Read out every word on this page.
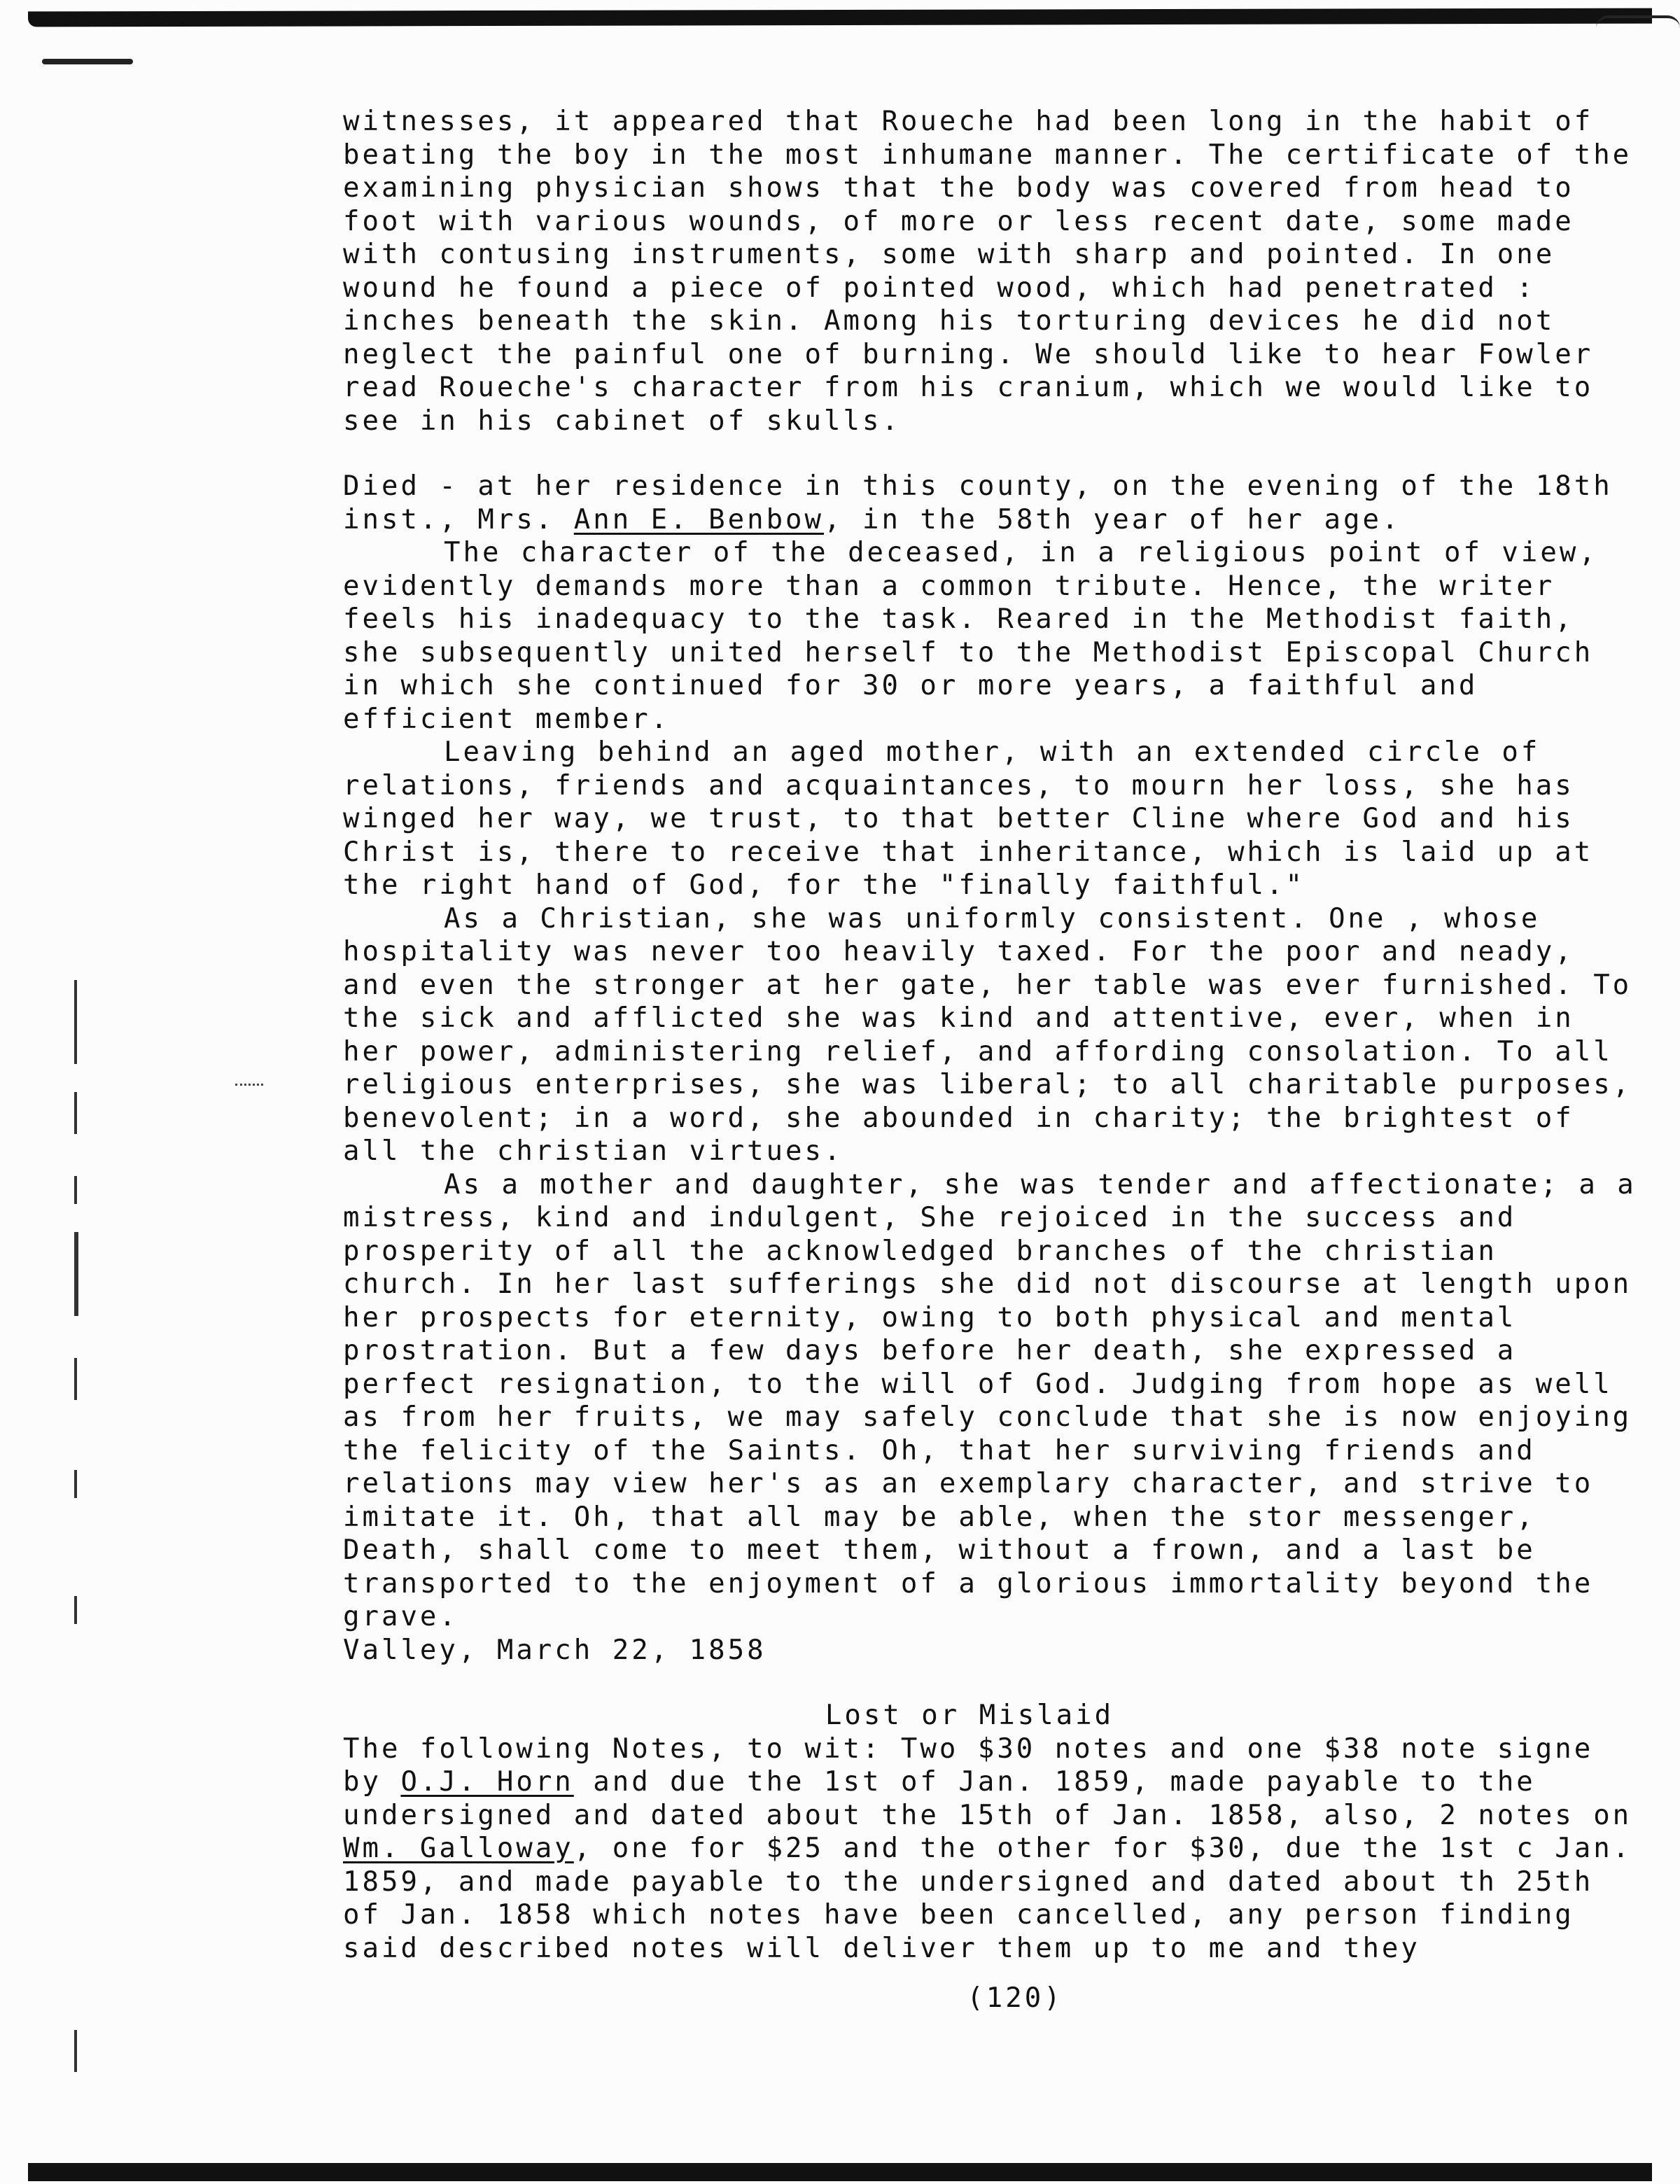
witnesses, it appeared that Roueche had been long in the habit of beating the boy in the most inhumane manner. The certificate of the examining physician shows that the body was covered from head to foot with various wounds, of more or less recent date, some made with contusing instruments, some with sharp and pointed. In one wound he found a piece of pointed wood, which had penetrated : inches beneath the skin. Among his torturing devices he did not neglect the painful one of burning. We should like to hear Fowler read Roueche's character from his cranium, which we would like to see in his cabinet of skulls.

Died - at her residence in this county, on the evening of the 18th inst., Mrs. Ann E. Benbow, in the 58th year of her age.

The character of the deceased, in a religious point of view, evidently demands more than a common tribute. Hence, the writer feels his inadequacy to the task. Reared in the Methodist faith, she subsequently united herself to the Methodist Episcopal Church in which she continued for 30 or more years, a faithful and efficient member.

Leaving behind an aged mother, with an extended circle of relations, friends and acquaintances, to mourn her loss, she has winged her way, we trust, to that better Cline where God and his Christ is, there to receive that inheritance, which is laid up at the right hand of God, for the "finally faithful."

As a Christian, she was uniformly consistent. One , whose hospitality was never too heavily taxed. For the poor and neady, and even the stronger at her gate, her table was ever furnished. To the sick and afflicted she was kind and attentive, ever, when in her power, administering relief, and affording consolation. To all religious enterprises, she was liberal; to all charitable purposes, benevolent; in a word, she abounded in charity; the brightest of all the christian virtues.

As a mother and daughter, she was tender and affectionate; a a mistress, kind and indulgent, She rejoiced in the success and prosperity of all the acknowledged branches of the christian church. In her last sufferings she did not discourse at length upon her prospects for eternity, owing to both physical and mental prostration. But a few days before her death, she expressed a perfect resignation, to the will of God. Judging from hope as well as from her fruits, we may safely conclude that she is now enjoying the felicity of the Saints. Oh, that her surviving friends and relations may view her's as an exemplary character, and strive to imitate it. Oh, that all may be able, when the stor messenger, Death, shall come to meet them, without a frown, and a last be transported to the enjoyment of a glorious immortality beyond the grave.

Valley, March 22, 1858

Lost or Mislaid

The following Notes, to wit: Two $30 notes and one $38 note signe by O.J. Horn and due the 1st of Jan. 1859, made payable to the undersigned and dated about the 15th of Jan. 1858, also, 2 notes on Wm. Galloway, one for $25 and the other for $30, due the 1st c Jan. 1859, and made payable to the undersigned and dated about th 25th of Jan. 1858 which notes have been cancelled, any person finding said described notes will deliver them up to me and they

(120)
